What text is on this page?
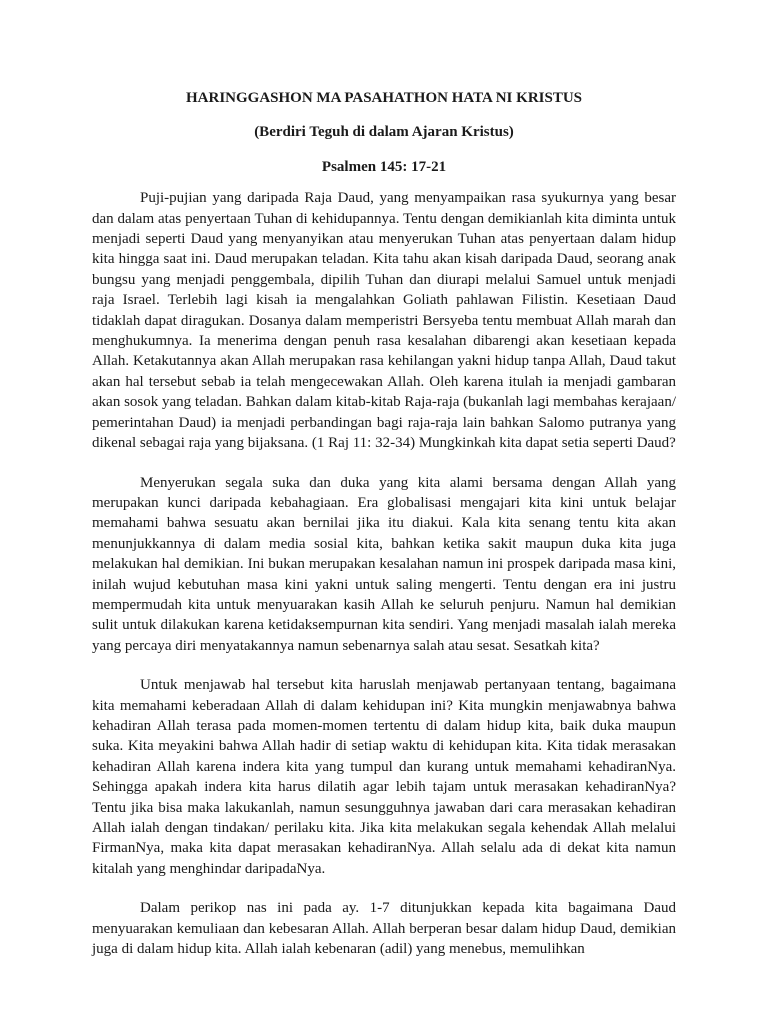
HARINGGASHON MA PASAHATHON HATA NI KRISTUS
(Berdiri Teguh di dalam Ajaran Kristus)
Psalmen 145: 17-21

Puji-pujian yang daripada Raja Daud, yang menyampaikan rasa syukurnya yang besar dan dalam atas penyertaan Tuhan di kehidupannya. Tentu dengan demikianlah kita diminta untuk menjadi seperti Daud yang menyanyikan atau menyerukan Tuhan atas penyertaan dalam hidup kita hingga saat ini. Daud merupakan teladan. Kita tahu akan kisah daripada Daud, seorang anak bungsu yang menjadi penggembala, dipilih Tuhan dan diurapi melalui Samuel untuk menjadi raja Israel. Terlebih lagi kisah ia mengalahkan Goliath pahlawan Filistin. Kesetiaan Daud tidaklah dapat diragukan. Dosanya dalam memperistri Bersyeba tentu membuat Allah marah dan menghukumnya. Ia menerima dengan penuh rasa kesalahan dibarengi akan kesetiaan kepada Allah. Ketakutannya akan Allah merupakan rasa kehilangan yakni hidup tanpa Allah, Daud takut akan hal tersebut sebab ia telah mengecewakan Allah. Oleh karena itulah ia menjadi gambaran akan sosok yang teladan. Bahkan dalam kitab-kitab Raja-raja (bukanlah lagi membahas kerajaan/ pemerintahan Daud) ia menjadi perbandingan bagi raja-raja lain bahkan Salomo putranya yang dikenal sebagai raja yang bijaksana. (1 Raj 11: 32-34) Mungkinkah kita dapat setia seperti Daud?

Menyerukan segala suka dan duka yang kita alami bersama dengan Allah yang merupakan kunci daripada kebahagiaan. Era globalisasi mengajari kita kini untuk belajar memahami bahwa sesuatu akan bernilai jika itu diakui. Kala kita senang tentu kita akan menunjukkannya di dalam media sosial kita, bahkan ketika sakit maupun duka kita juga melakukan hal demikian. Ini bukan merupakan kesalahan namun ini prospek daripada masa kini, inilah wujud kebutuhan masa kini yakni untuk saling mengerti. Tentu dengan era ini justru mempermudah kita untuk menyuarakan kasih Allah ke seluruh penjuru. Namun hal demikian sulit untuk dilakukan karena ketidaksempurnan kita sendiri. Yang menjadi masalah ialah mereka yang percaya diri menyatakannya namun sebenarnya salah atau sesat. Sesatkah kita?

Untuk menjawab hal tersebut kita haruslah menjawab pertanyaan tentang, bagaimana kita memahami keberadaan Allah di dalam kehidupan ini? Kita mungkin menjawabnya bahwa kehadiran Allah terasa pada momen-momen tertentu di dalam hidup kita, baik duka maupun suka. Kita meyakini bahwa Allah hadir di setiap waktu di kehidupan kita. Kita tidak merasakan kehadiran Allah karena indera kita yang tumpul dan kurang untuk memahami kehadiranNya. Sehingga apakah indera kita harus dilatih agar lebih tajam untuk merasakan kehadiranNya? Tentu jika bisa maka lakukanlah, namun sesungguhnya jawaban dari cara merasakan kehadiran Allah ialah dengan tindakan/ perilaku kita. Jika kita melakukan segala kehendak Allah melalui FirmanNya, maka kita dapat merasakan kehadiranNya. Allah selalu ada di dekat kita namun kitalah yang menghindar daripadaNya.

Dalam perikop nas ini pada ay. 1-7 ditunjukkan kepada kita bagaimana Daud menyuarakan kemuliaan dan kebesaran Allah. Allah berperan besar dalam hidup Daud, demikian juga di dalam hidup kita. Allah ialah kebenaran (adil) yang menebus, memulihkan
